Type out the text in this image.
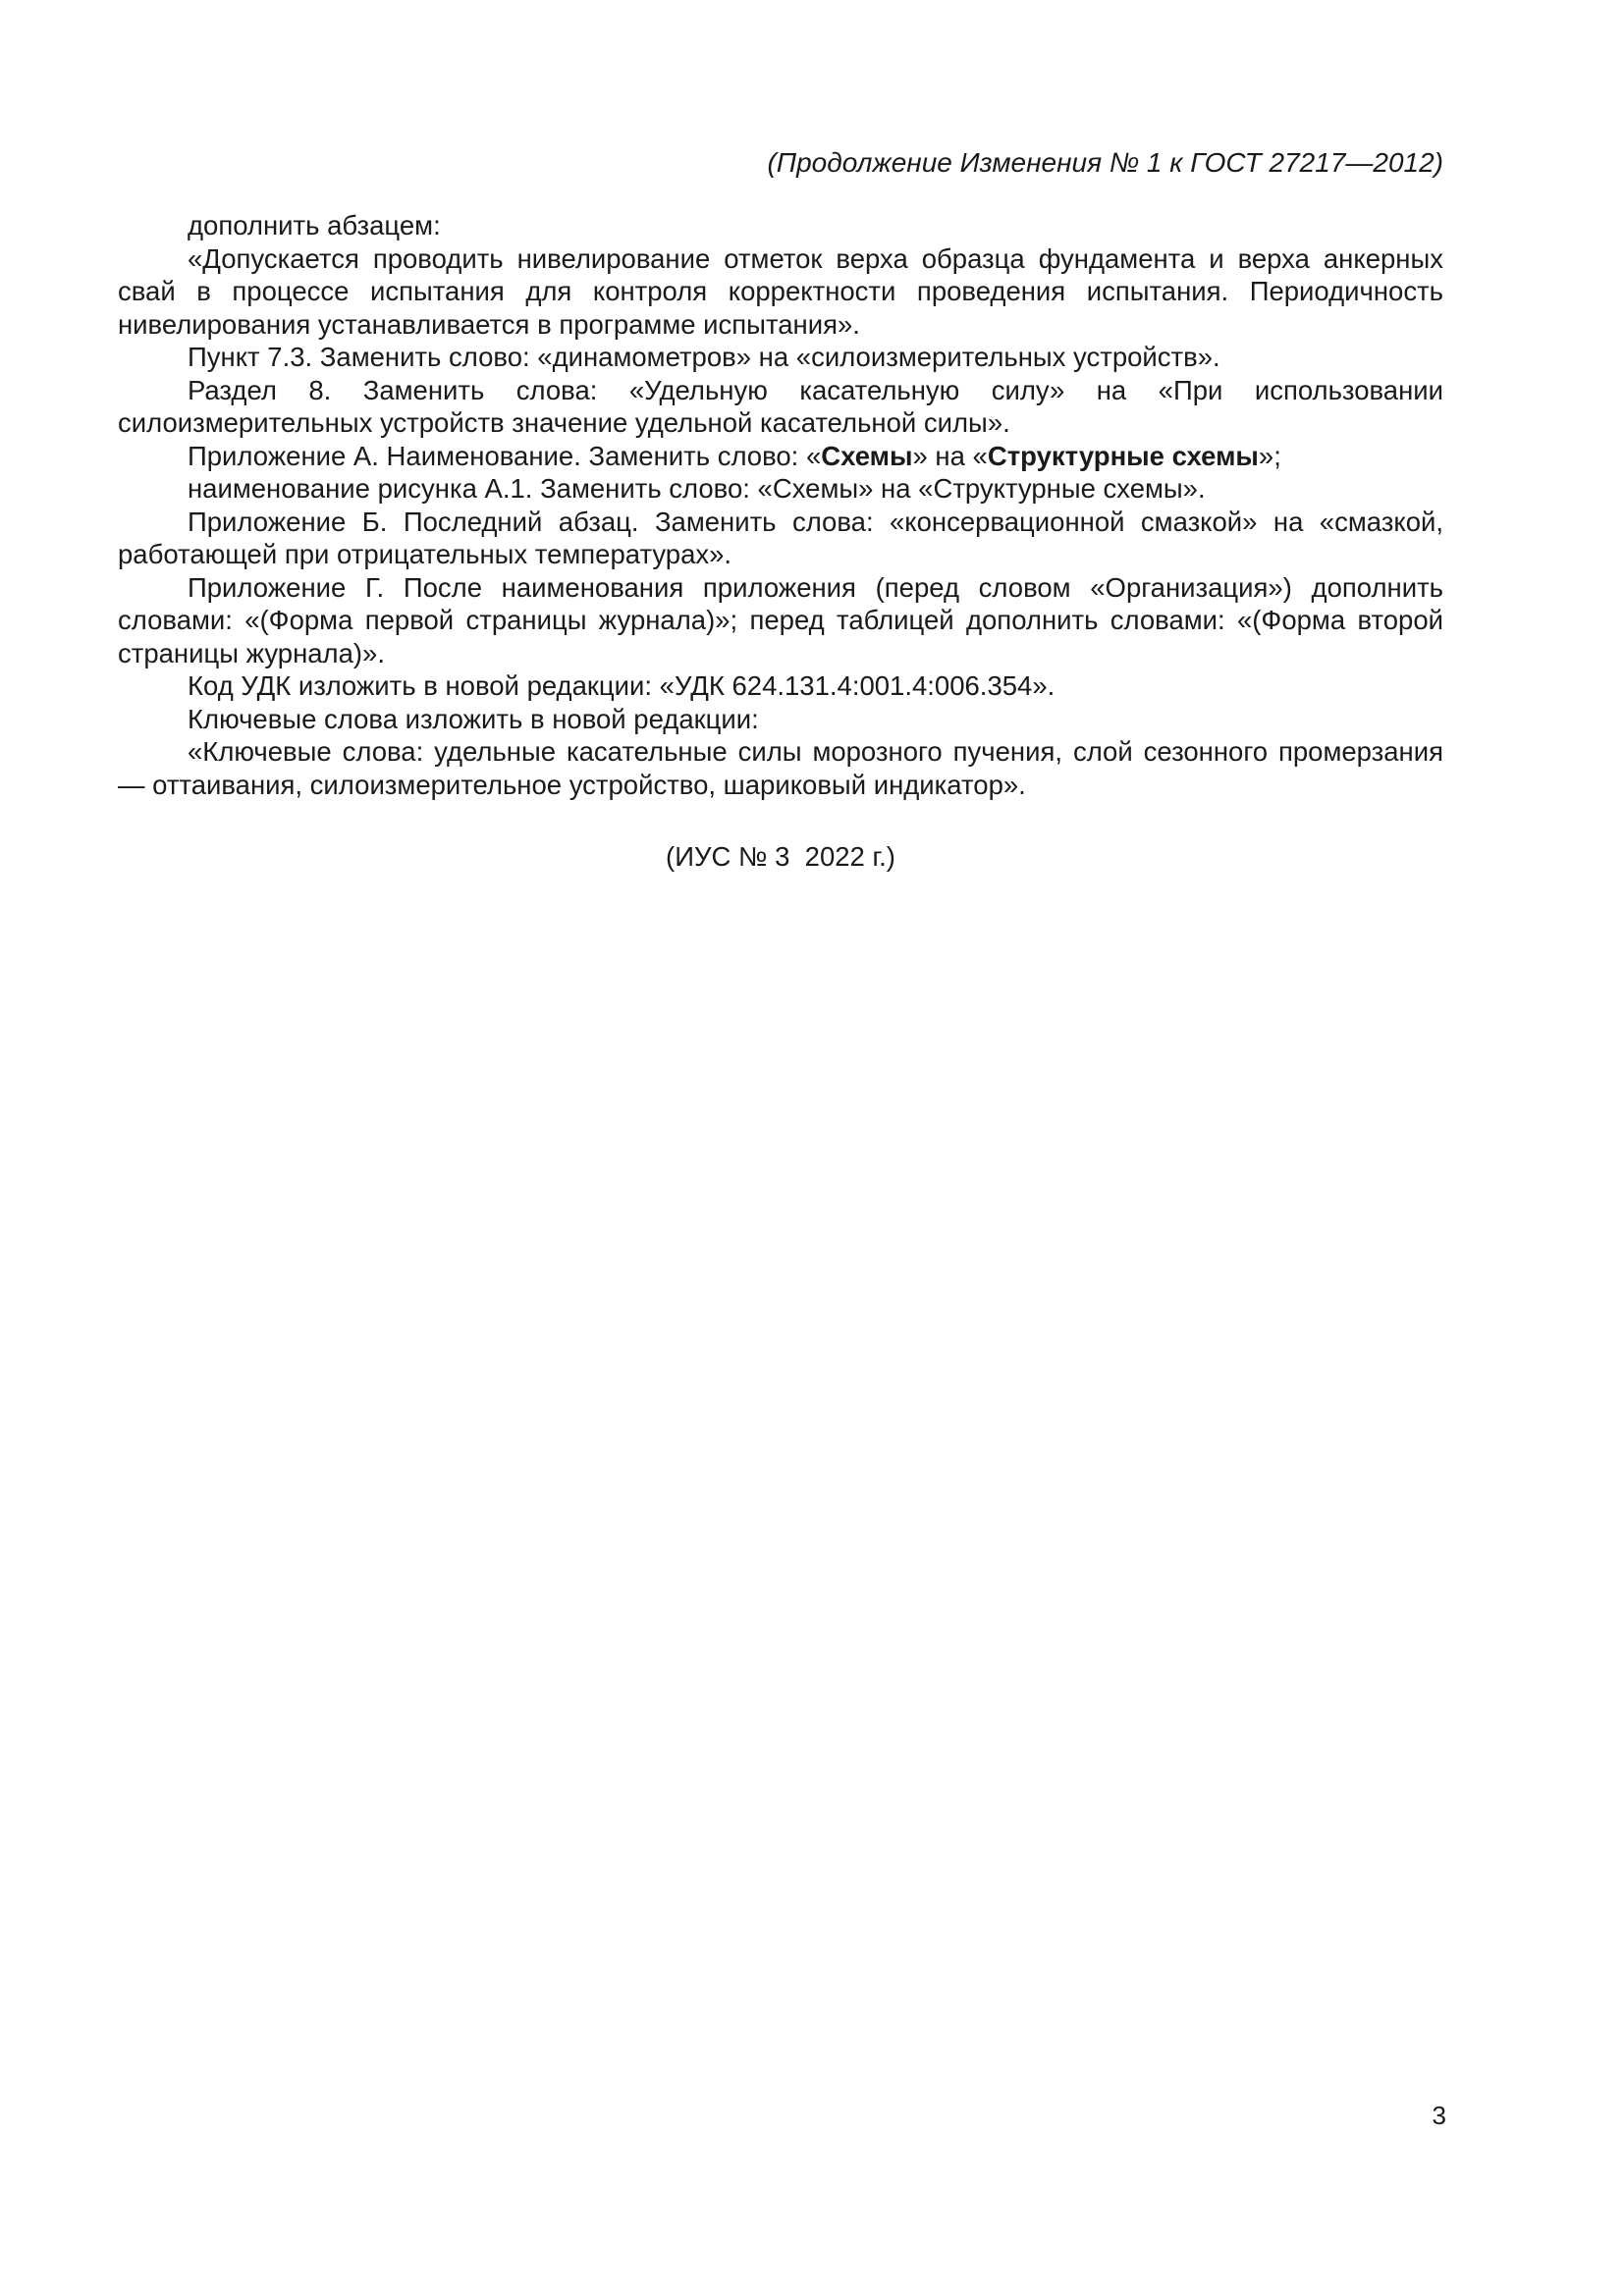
(Продолжение Изменения № 1 к ГОСТ 27217—2012)

дополнить абзацем:

«Допускается проводить нивелирование отметок верха образца фундамента и верха анкерных свай в процессе испытания для контроля корректности проведения испытания. Периодичность нивелирования устанавливается в программе испытания».

Пункт 7.3. Заменить слово: «динамометров» на «силоизмерительных устройств».

Раздел 8. Заменить слова: «Удельную касательную силу» на «При использовании силоизмерительных устройств значение удельной касательной силы».

Приложение А. Наименование. Заменить слово: «Схемы» на «Структурные схемы»;

наименование рисунка А.1. Заменить слово: «Схемы» на «Структурные схемы».

Приложение Б. Последний абзац. Заменить слова: «консервационной смазкой» на «смазкой, работающей при отрицательных температурах».

Приложение Г. После наименования приложения (перед словом «Организация») дополнить словами: «(Форма первой страницы журнала)»; перед таблицей дополнить словами: «(Форма второй страницы журнала)».

Код УДК изложить в новой редакции: «УДК 624.131.4:001.4:006.354».

Ключевые слова изложить в новой редакции:

«Ключевые слова: удельные касательные силы морозного пучения, слой сезонного промерзания — оттаивания, силоизмерительное устройство, шариковый индикатор».

(ИУС № 3  2022 г.)
3
